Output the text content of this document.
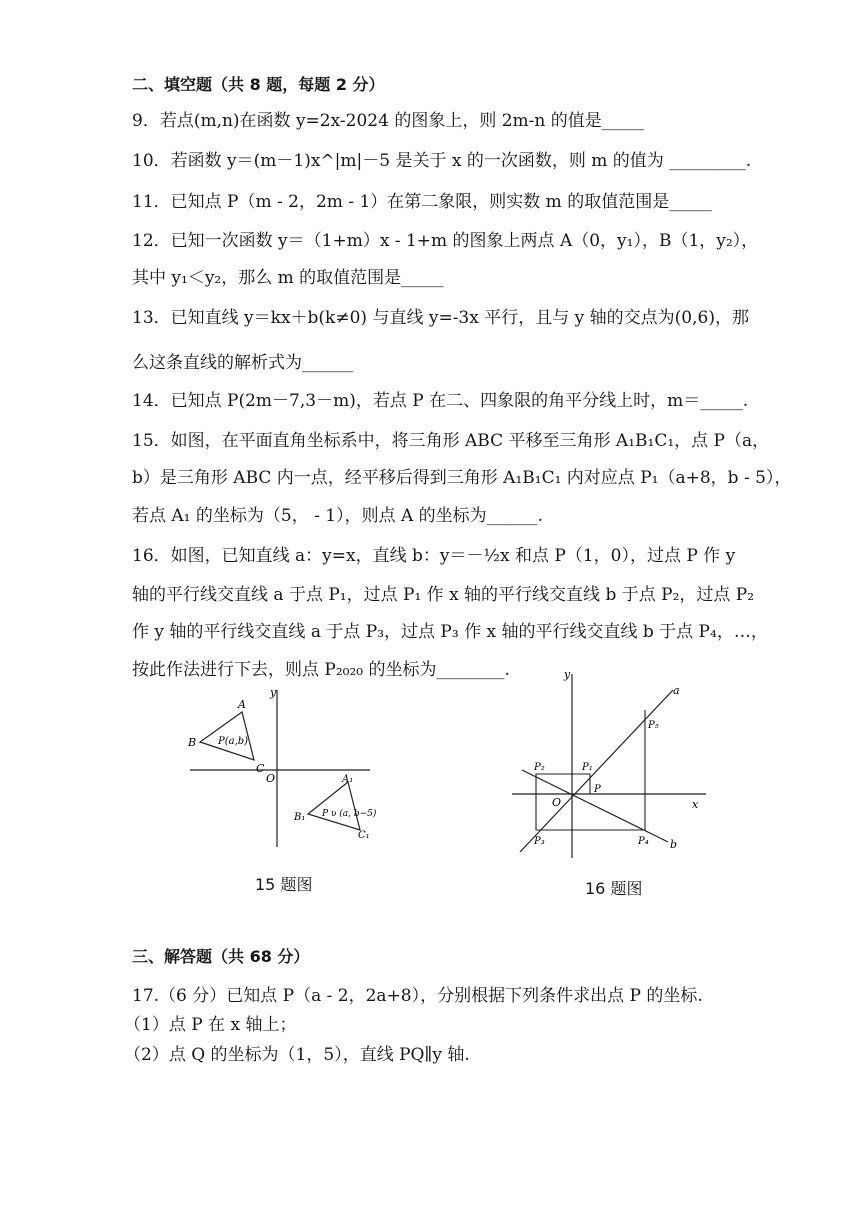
二、填空题（共 8 题，每题 2 分）
9．若点(m,n)在函数 y=2x-2024 的图象上，则 2m-n 的值是_____
10．若函数 y＝(m－1)x^|m|－5 是关于 x 的一次函数，则 m 的值为 _________.
11．已知点 P（m - 2，2m - 1）在第二象限，则实数 m 的取值范围是_____
12．已知一次函数 y＝（1+m）x - 1+m 的图象上两点 A（0，y₁），B（1，y₂），
其中 y₁＜y₂，那么 m 的取值范围是_____
13．已知直线 y＝kx＋b(k≠0) 与直线 y=-3x 平行，且与 y 轴的交点为(0,6)，那
么这条直线的解析式为______
14．已知点 P(2m－7,3－m)，若点 P 在二、四象限的角平分线上时，m＝_____.
15．如图，在平面直角坐标系中，将三角形 ABC 平移至三角形 A₁B₁C₁，点 P（a，
b）是三角形 ABC 内一点，经平移后得到三角形 A₁B₁C₁ 内对应点 P₁（a+8，b - 5），
若点 A₁ 的坐标为（5， - 1），则点 A 的坐标为______.
16．如图，已知直线 a：y=x，直线 b：y＝－½x 和点 P（1，0），过点 P 作 y
轴的平行线交直线 a 于点 P₁，过点 P₁ 作 x 轴的平行线交直线 b 于点 P₂，过点 P₂
作 y 轴的平行线交直线 a 于点 P₃，过点 P₃ 作 x 轴的平行线交直线 b 于点 P₄，…，
按此作法进行下去，则点 P₂₀₂₀ 的坐标为________.
y
O
A
B
C
P(a,b)
A₁
B₁
C₁
P ʋ (a, b−5)
15 题图
y
x
O
a
b
P
P₁
P₂
P₃	P₄
P₅
16 题图
三、解答题（共 68 分）
17.（6 分）已知点 P（a - 2，2a+8），分别根据下列条件求出点 P 的坐标.
（1）点 P 在 x 轴上；
（2）点 Q 的坐标为（1，5），直线 PQ∥y 轴.
